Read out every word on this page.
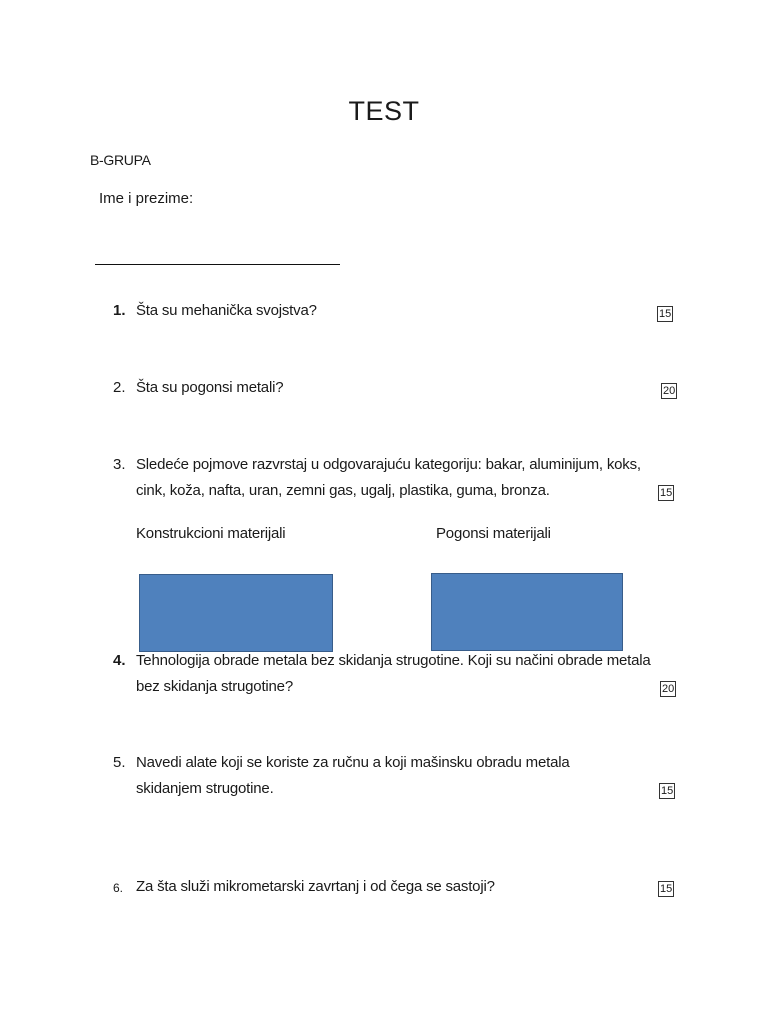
TEST
B-GRUPA
Ime i prezime:
1. Šta su mehanička svojstva?	15
2. Šta su pogonsi metali?	20
3. Sledeće pojmove razvrstaj u odgovarajuću kategoriju: bakar, aluminijum, koks, cink, koža, nafta, uran, zemni gas, ugalj, plastika, guma, bronza.	15
Konstrukcioni materijali	Pogonsi materijali
4. Tehnologija obrade metala bez skidanja strugotine. Koji su načini obrade metala bez skidanja strugotine?	20
5. Navedi alate koji se koriste za ručnu a koji mašinsku obradu metala skidanjem strugotine.	15
6. Za šta služi mikrometarski zavrtanj i od čega se sastoji?	15
